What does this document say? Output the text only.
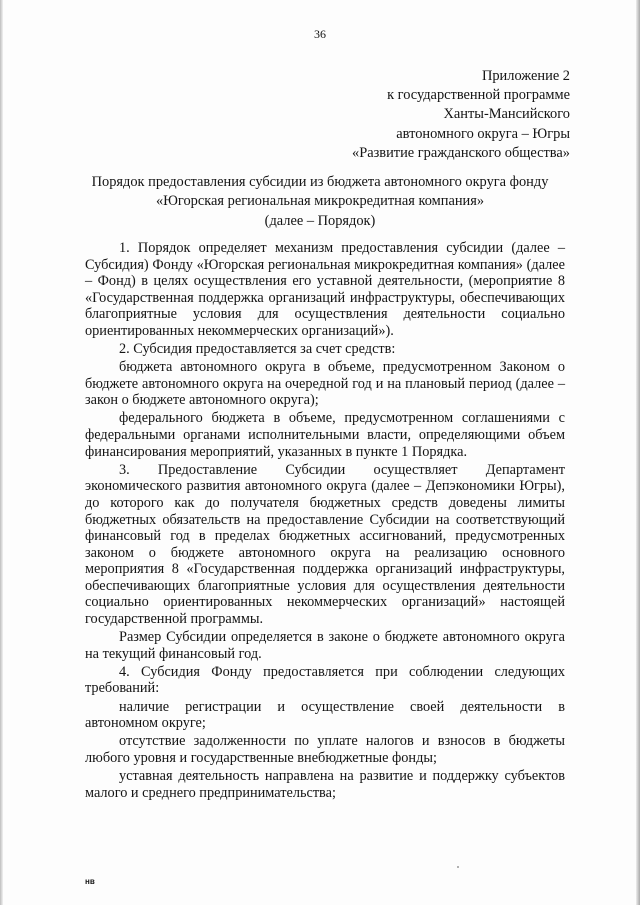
36
Приложение 2
к государственной программе
Ханты-Мансийского
автономного округа – Югры
«Развитие гражданского общества»
Порядок предоставления субсидии из бюджета автономного округа фонду
«Югорская региональная микрокредитная компания»
(далее – Порядок)

1. Порядок определяет механизм предоставления субсидии (далее – Субсидия) Фонду «Югорская региональная микрокредитная компания» (далее – Фонд) в целях осуществления его уставной деятельности, (мероприятие 8 «Государственная поддержка организаций инфраструктуры, обеспечивающих благоприятные условия для осуществления деятельности социально ориентированных некоммерческих организаций»).

2. Субсидия предоставляется за счет средств:

бюджета автономного округа в объеме, предусмотренном Законом о бюджете автономного округа на очередной год и на плановый период (далее – закон о бюджете автономного округа);

федерального бюджета в объеме, предусмотренном соглашениями с федеральными органами исполнительными власти, определяющими объем финансирования мероприятий, указанных в пункте 1 Порядка.

3. Предоставление Субсидии осуществляет Департамент экономического развития автономного округа (далее – Депэкономики Югры), до которого как до получателя бюджетных средств доведены лимиты бюджетных обязательств на предоставление Субсидии на соответствующий финансовый год в пределах бюджетных ассигнований, предусмотренных законом о бюджете автономного округа на реализацию основного мероприятия 8 «Государственная поддержка организаций инфраструктуры, обеспечивающих благоприятные условия для осуществления деятельности социально ориентированных некоммерческих организаций» настоящей государственной программы.

Размер Субсидии определяется в законе о бюджете автономного округа на текущий финансовый год.

4. Субсидия Фонду предоставляется при соблюдении следующих требований:

наличие регистрации и осуществление своей деятельности в автономном округе;

отсутствие задолженности по уплате налогов и взносов в бюджеты любого уровня и государственные внебюджетные фонды;

уставная деятельность направлена на развитие и поддержку субъектов малого и среднего предпринимательства;

нв
